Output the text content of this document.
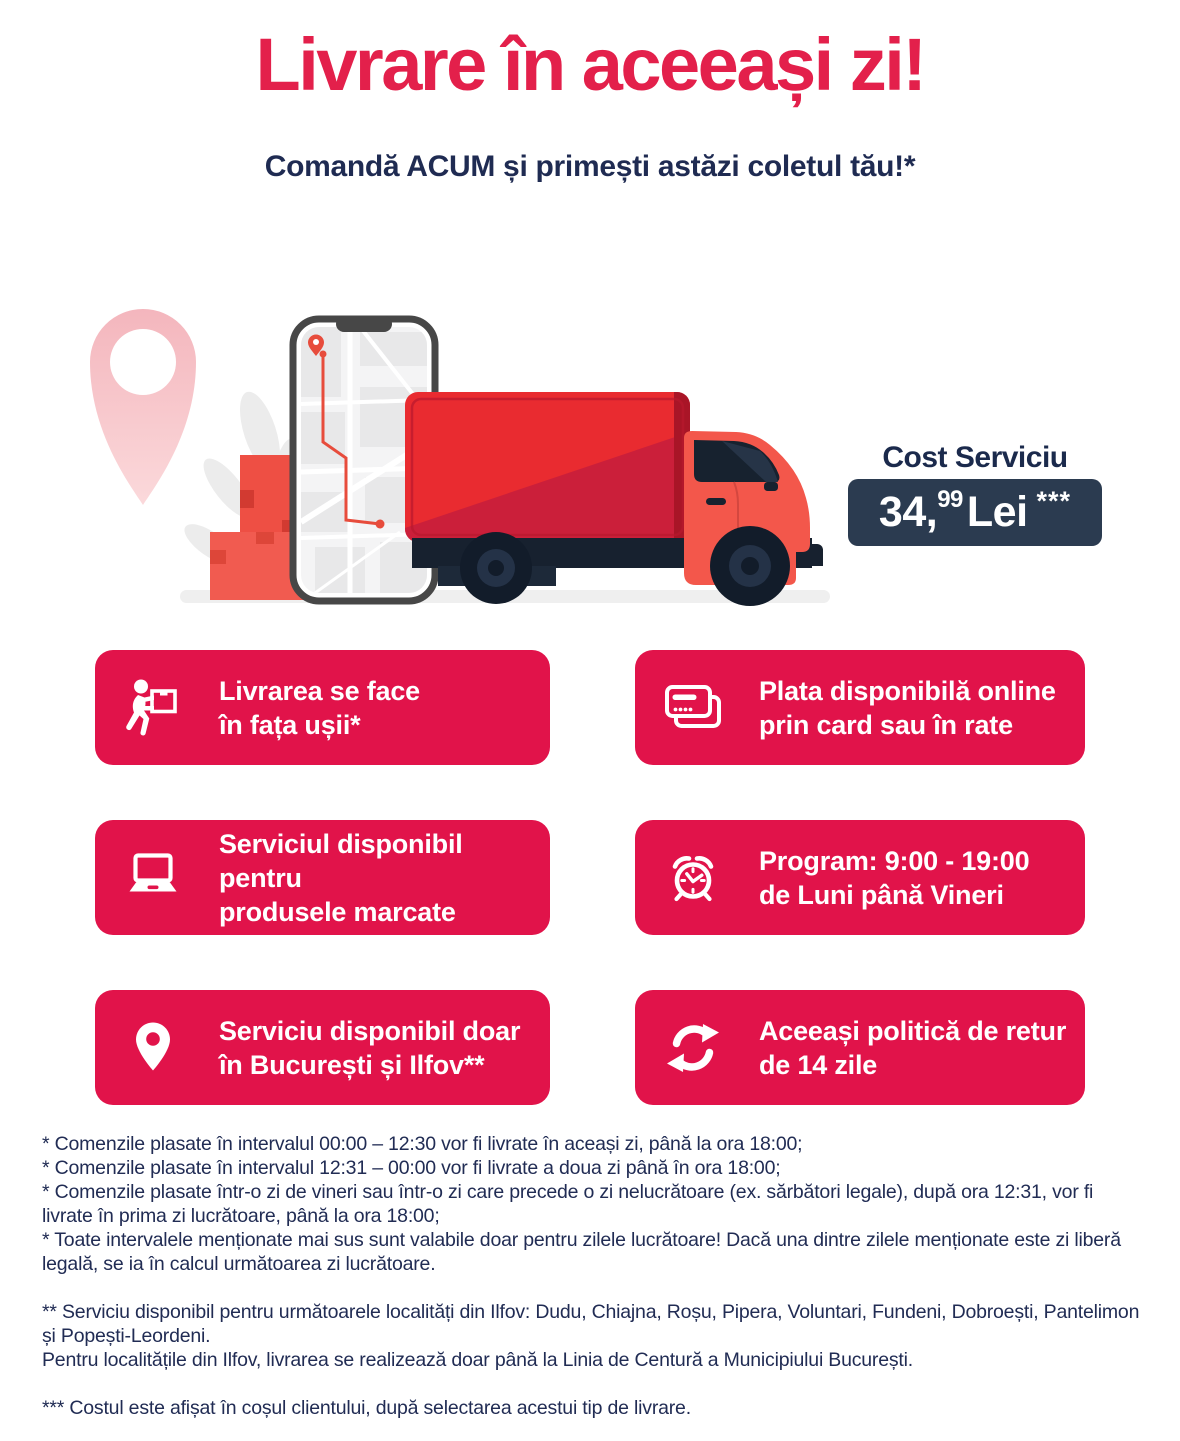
Livrare în aceeași zi!
Comandă ACUM și primești astăzi coletul tău!*
Cost Serviciu
34, 99 Lei ***
Livrarea se face
în fața ușii*
Plata disponibilă online
prin card sau în rate
Serviciul disponibil pentru
produsele marcate
Program: 9:00 - 19:00
de Luni până Vineri
Serviciu disponibil doar
în București și Ilfov**
Aceeași politică de retur
de 14 zile

* Comenzile plasate în intervalul 00:00 – 12:30 vor fi livrate în aceași zi, până la ora 18:00;

* Comenzile plasate în intervalul 12:31 – 00:00 vor fi livrate a doua zi până în ora 18:00;

* Comenzile plasate într-o zi de vineri sau într-o zi care precede o zi nelucrătoare (ex. sărbători legale), după ora 12:31, vor fi livrate în prima zi lucrătoare, până la ora 18:00;

* Toate intervalele menționate mai sus sunt valabile doar pentru zilele lucrătoare! Dacă una dintre zilele menționate este zi liberă legală, se ia în calcul următoarea zi lucrătoare.

** Serviciu disponibil pentru următoarele localități din Ilfov: Dudu, Chiajna, Roșu, Pipera, Voluntari, Fundeni, Dobroești, Pantelimon și Popești-Leordeni.

Pentru localitățile din Ilfov, livrarea se realizează doar până la Linia de Centură a Municipiului București.

*** Costul este afișat în coșul clientului, după selectarea acestui tip de livrare.
